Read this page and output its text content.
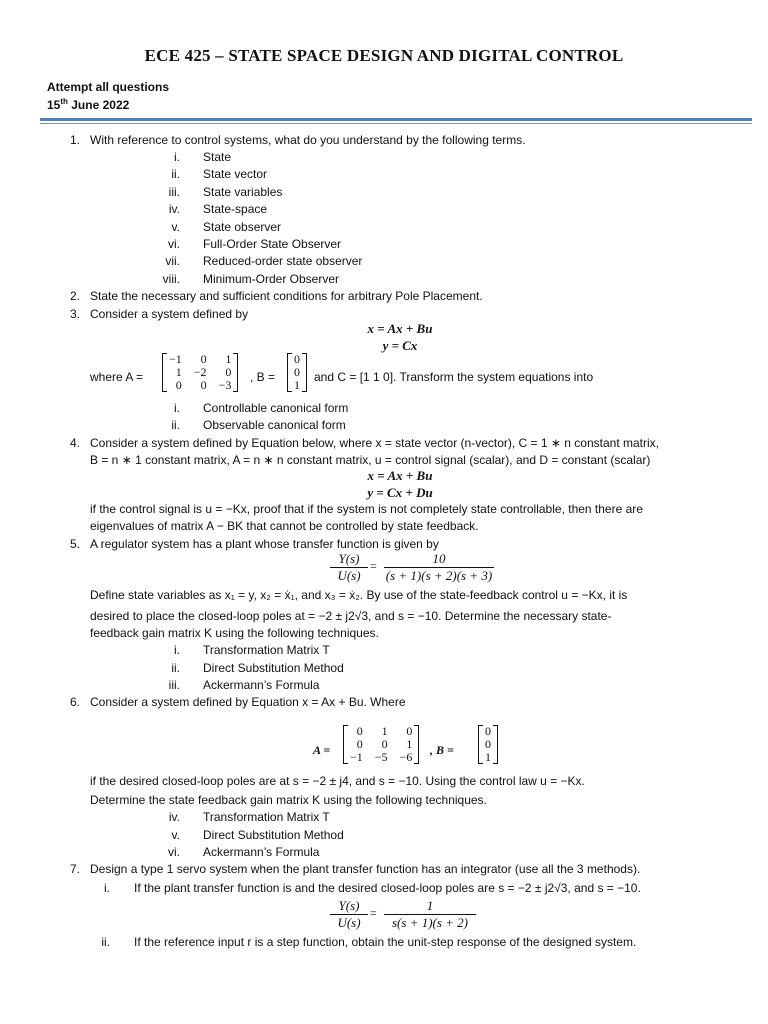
ECE 425 – STATE SPACE DESIGN AND DIGITAL CONTROL
Attempt all questions
15th June 2022
1. With reference to control systems, what do you understand by the following terms.
i. State
ii. State vector
iii. State variables
iv. State-space
v. State observer
vi. Full-Order State Observer
vii. Reduced-order state observer
viii. Minimum-Order Observer
2. State the necessary and sufficient conditions for arbitrary Pole Placement.
3. Consider a system defined by
x = Ax + Bu
y = Cx
where A =
−1	0	1
1	−2	0
0	0	−3
, B =
0
0
1
and C = [1 1 0]. Transform the system equations into
i. Controllable canonical form
ii. Observable canonical form
4. Consider a system defined by Equation below, where x = state vector (n-vector), C = 1 ∗ n constant matrix,
B = n ∗ 1 constant matrix, A = n ∗ n constant matrix, u = control signal (scalar), and D = constant (scalar)
x = Ax + Bu
y = Cx + Du
if the control signal is u = −Kx, proof that if the system is not completely state controllable, then there are
eigenvalues of matrix A − BK that cannot be controlled by state feedback.
5. A regulator system has a plant whose transfer function is given by
$\frac{Y(s)}{U(s)} = \frac{10}{(s + 1)(s + 2)(s + 3)}$
Define state variables as x₁ = y, x₂ = ẋ₁, and x₃ = ẋ₂. By use of the state-feedback control u = −Kx, it is
desired to place the closed-loop poles at = −2 ± j2√3, and s = −10. Determine the necessary state-
feedback gain matrix K using the following techniques.
i. Transformation Matrix T
ii. Direct Substitution Method
iii. Ackermann’s Formula
6. Consider a system defined by Equation x = Ax + Bu. Where
A =
0	1	0
0	0	1
−1	−5	−6 , B =
0
0
1
if the desired closed-loop poles are at s = −2 ± j4, and s = −10. Using the control law u = −Kx.
Determine the state feedback gain matrix K using the following techniques.
iv. Transformation Matrix T
v. Direct Substitution Method
vi. Ackermann’s Formula
7. Design a type 1 servo system when the plant transfer function has an integrator (use all the 3 methods).
i. If the plant transfer function is and the desired closed-loop poles are s = −2 ± j2√3, and s = −10.
$\frac{Y(s)}{U(s)} = \frac{1}{s(s + 1)(s + 2)}$
ii. If the reference input r is a step function, obtain the unit-step response of the designed system.
